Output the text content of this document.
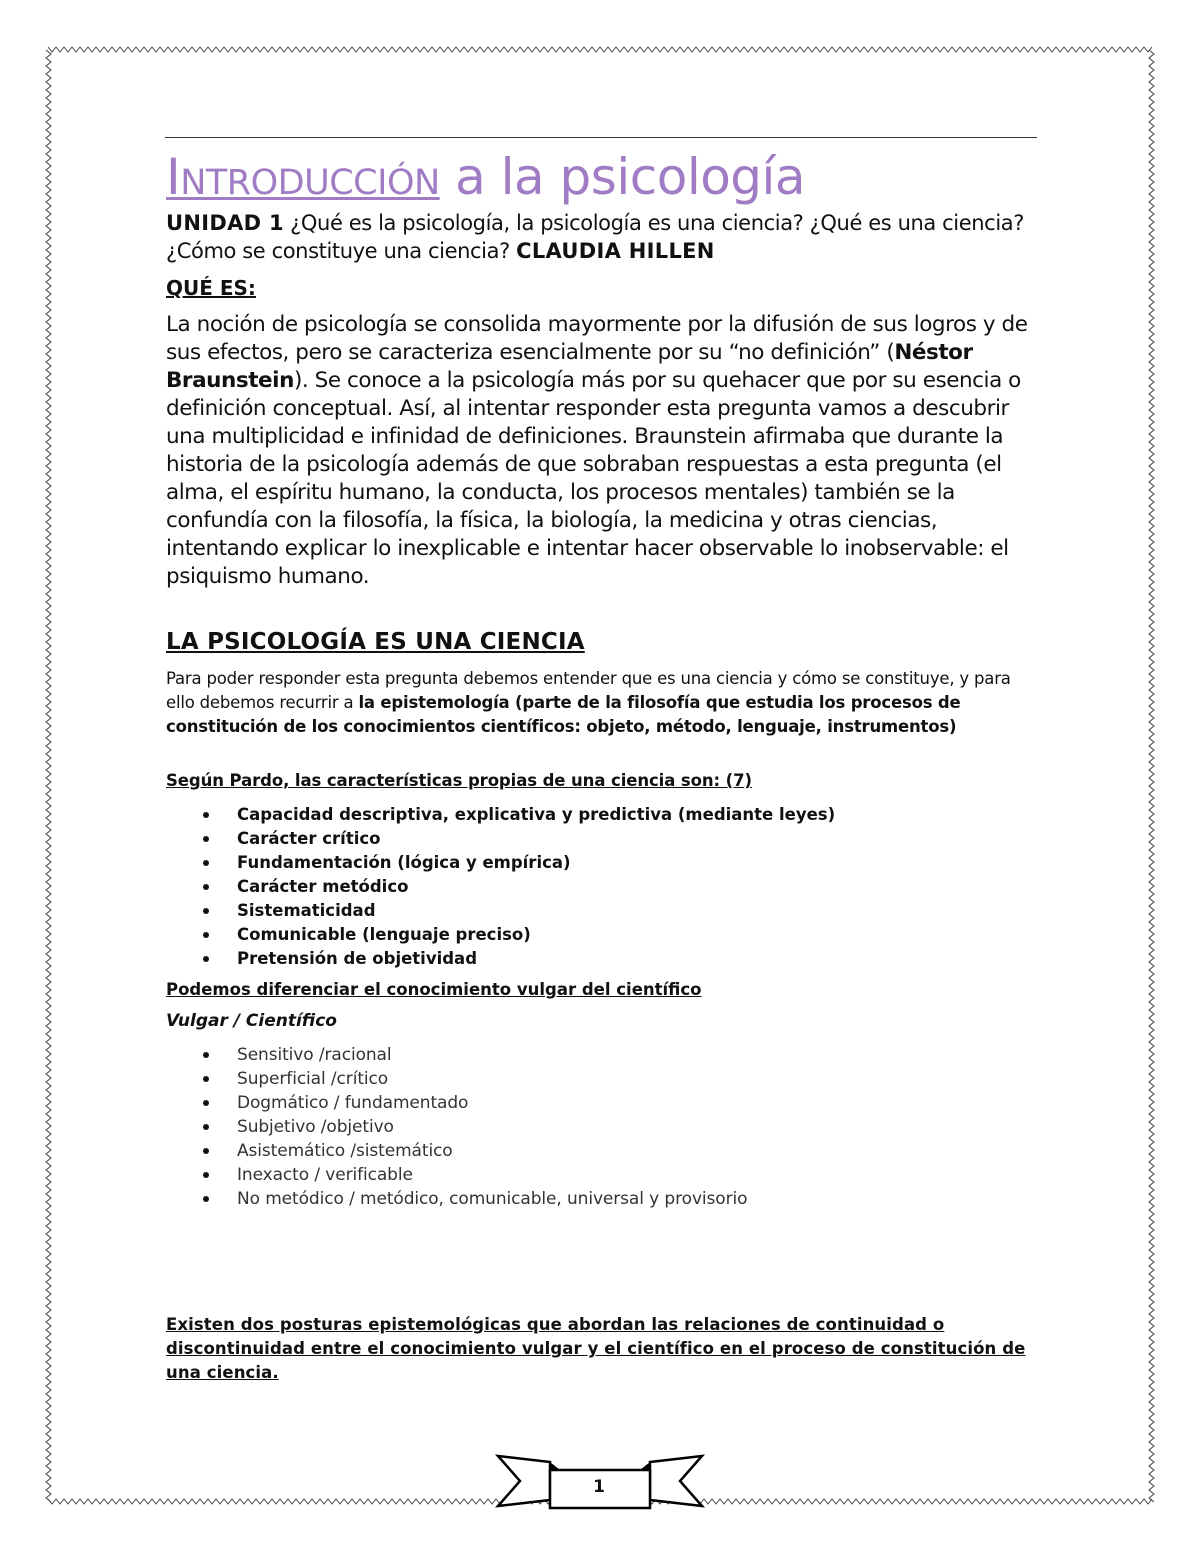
Introducción a la psicología
UNIDAD 1 ¿Qué es la psicología, la psicología es una ciencia? ¿Qué es una ciencia? ¿Cómo se constituye una ciencia? CLAUDIA HILLEN
QUÉ ES:
La noción de psicología se consolida mayormente por la difusión de sus logros y de sus efectos, pero se caracteriza esencialmente por su “no definición” (Néstor Braunstein). Se conoce a la psicología más por su quehacer que por su esencia o definición conceptual. Así, al intentar responder esta pregunta vamos a descubrir una multiplicidad e infinidad de definiciones. Braunstein afirmaba que durante la historia de la psicología además de que sobraban respuestas a esta pregunta (el alma, el espíritu humano, la conducta, los procesos mentales) también se la confundía con la filosofía, la física, la biología, la medicina y otras ciencias, intentando explicar lo inexplicable e intentar hacer observable lo inobservable: el psiquismo humano.
LA PSICOLOGÍA ES UNA CIENCIA
Para poder responder esta pregunta debemos entender que es una ciencia y cómo se constituye, y para ello debemos recurrir a la epistemología (parte de la filosofía que estudia los procesos de constitución de los conocimientos científicos: objeto, método, lenguaje, instrumentos)
Según Pardo, las características propias de una ciencia son: (7)
Capacidad descriptiva, explicativa y predictiva (mediante leyes)
Carácter crítico
Fundamentación (lógica y empírica)
Carácter metódico
Sistematicidad
Comunicable (lenguaje preciso)
Pretensión de objetividad
Podemos diferenciar el conocimiento vulgar del científico
Vulgar / Científico
Sensitivo /racional
Superficial /crítico
Dogmático / fundamentado
Subjetivo /objetivo
Asistemático /sistemático
Inexacto / verificable
No metódico / metódico, comunicable, universal y provisorio
Existen dos posturas epistemológicas que abordan las relaciones de continuidad o discontinuidad entre el conocimiento vulgar y el científico en el proceso de constitución de una ciencia.
1
